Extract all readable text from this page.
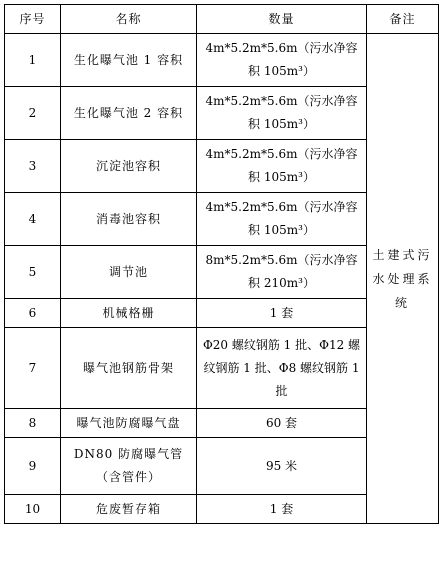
序号	名称	数量	备注
1	生化曝气池 1 容积	4m*5.2m*5.6m（污水净容积 105m³）	土建式污水处理系统
2	生化曝气池 2 容积	4m*5.2m*5.6m（污水净容积 105m³）	
3	沉淀池容积	4m*5.2m*5.6m（污水净容积 105m³）	
4	消毒池容积	4m*5.2m*5.6m（污水净容积 105m³）	
5	调节池	8m*5.2m*5.6m（污水净容积 210m³）	
6	机械格栅	1 套	
7	曝气池钢筋骨架	Φ20 螺纹钢筋 1 批、Φ12 螺纹钢筋 1 批、Φ8 螺纹钢筋 1 批	
8	曝气池防腐曝气盘	60 套	
9	DN80 防腐曝气管（含管件）	95 米	
10	危废暂存箱	1 套	
